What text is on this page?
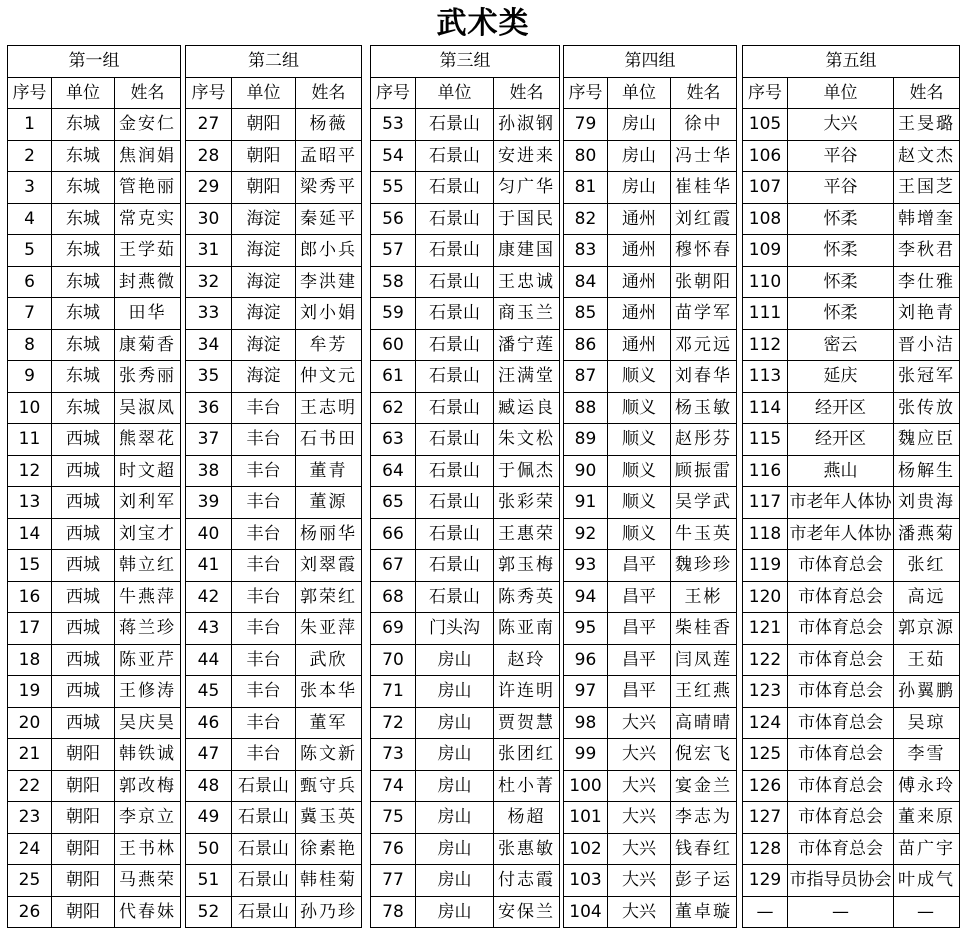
武术类
第一组		
序号	单位	姓名
1	东城	金安仁
2	东城	焦润娟
3	东城	管艳丽
4	东城	常克实
5	东城	王学茹
6	东城	封燕微
7	东城	田华
8	东城	康菊香
9	东城	张秀丽
10	东城	吴淑凤
11	西城	熊翠花
12	西城	时文超
13	西城	刘利军
14	西城	刘宝才
15	西城	韩立红
16	西城	牛燕萍
17	西城	蒋兰珍
18	西城	陈亚芹
19	西城	王修涛
20	西城	吴庆昊
21	朝阳	韩铁诚
22	朝阳	郭改梅
23	朝阳	李京立
24	朝阳	王书林
25	朝阳	马燕荣
26	朝阳	代春妹
第二组		
序号	单位	姓名
27	朝阳	杨薇
28	朝阳	孟昭平
29	朝阳	梁秀平
30	海淀	秦延平
31	海淀	郎小兵
32	海淀	李洪建
33	海淀	刘小娟
34	海淀	牟芳
35	海淀	仲文元
36	丰台	王志明
37	丰台	石书田
38	丰台	董青
39	丰台	董源
40	丰台	杨丽华
41	丰台	刘翠霞
42	丰台	郭荣红
43	丰台	朱亚萍
44	丰台	武欣
45	丰台	张本华
46	丰台	董军
47	丰台	陈文新
48	石景山	甄守兵
49	石景山	冀玉英
50	石景山	徐素艳
51	石景山	韩桂菊
52	石景山	孙乃珍
第三组		
序号	单位	姓名
53	石景山	孙淑钢
54	石景山	安进来
55	石景山	匀广华
56	石景山	于国民
57	石景山	康建国
58	石景山	王忠诚
59	石景山	商玉兰
60	石景山	潘宁莲
61	石景山	汪满堂
62	石景山	臧运良
63	石景山	朱文松
64	石景山	于佩杰
65	石景山	张彩荣
66	石景山	王惠荣
67	石景山	郭玉梅
68	石景山	陈秀英
69	门头沟	陈亚南
70	房山	赵玲
71	房山	许连明
72	房山	贾贺慧
73	房山	张团红
74	房山	杜小菁
75	房山	杨超
76	房山	张惠敏
77	房山	付志霞
78	房山	安保兰
第四组		
序号	单位	姓名
79	房山	徐中
80	房山	冯士华
81	房山	崔桂华
82	通州	刘红霞
83	通州	穆怀春
84	通州	张朝阳
85	通州	苗学军
86	通州	邓元远
87	顺义	刘春华
88	顺义	杨玉敏
89	顺义	赵彤芬
90	顺义	顾振雷
91	顺义	吴学武
92	顺义	牛玉英
93	昌平	魏珍珍
94	昌平	王彬
95	昌平	柴桂香
96	昌平	闫凤莲
97	昌平	王红燕
98	大兴	高晴晴
99	大兴	倪宏飞
100	大兴	宴金兰
101	大兴	李志为
102	大兴	钱春红
103	大兴	彭子运
104	大兴	董卓璇
第五组		
序号	单位	姓名
105	大兴	王旻璐
106	平谷	赵文杰
107	平谷	王国芝
108	怀柔	韩增奎
109	怀柔	李秋君
110	怀柔	李仕雅
111	怀柔	刘艳青
112	密云	晋小洁
113	延庆	张冠军
114	经开区	张传放
115	经开区	魏应臣
116	燕山	杨解生
117	市老年人体协	刘贵海
118	市老年人体协	潘燕菊
119	市体育总会	张红
120	市体育总会	高远
121	市体育总会	郭京源
122	市体育总会	王茹
123	市体育总会	孙翼鹏
124	市体育总会	吴琼
125	市体育总会	李雪
126	市体育总会	傅永玲
127	市体育总会	董来原
128	市体育总会	苗广宇
129	市指导员协会	叶成气
—	—	—
